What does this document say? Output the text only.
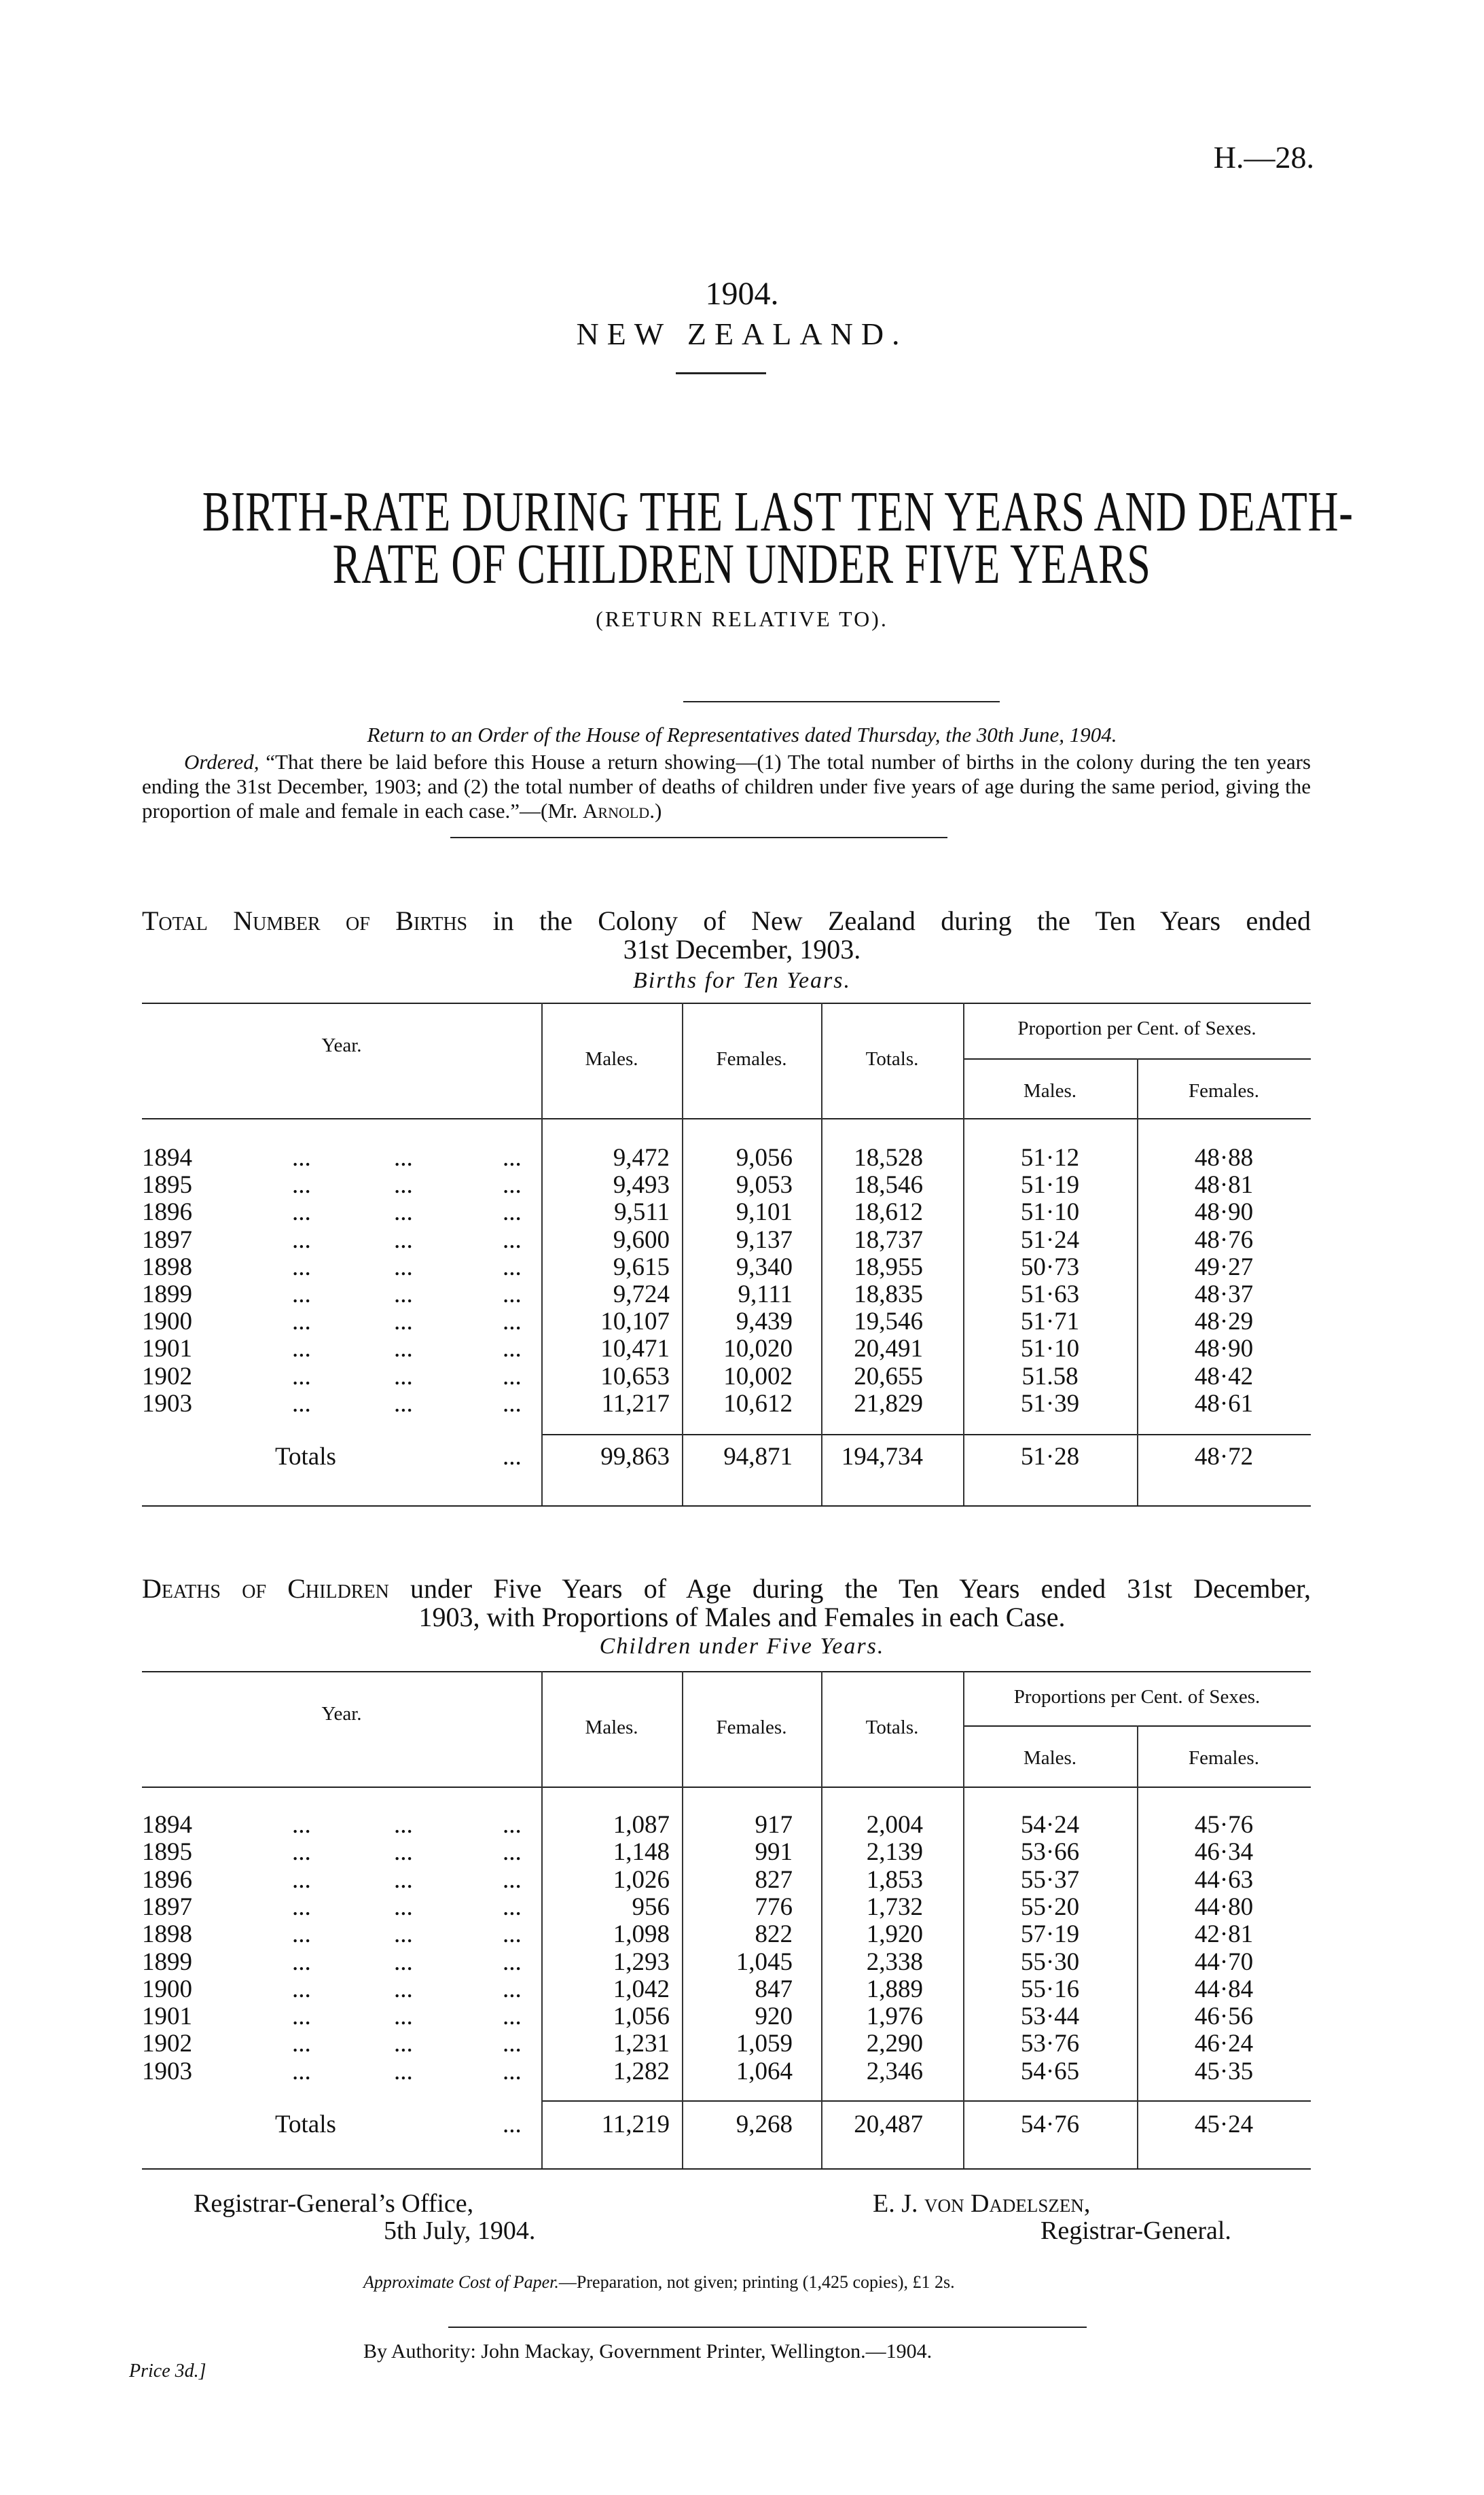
H.—28.
1904.
NEW ZEALAND.
BIRTH-RATE DURING THE LAST TEN YEARS AND DEATH-
RATE OF CHILDREN UNDER FIVE YEARS
(RETURN RELATIVE TO).
Return to an Order of the House of Representatives dated Thursday, the 30th June, 1904.
Ordered, “That there be laid before this House a return showing—(1) The total number of births in the colony during the ten years ending the 31st December, 1903; and (2) the total number of deaths of children under five years of age during the same period, giving the proportion of male and female in each case.”—(Mr. Arnold.)
Total Number of Births in the Colony of New Zealand during the Ten Years ended
31st December, 1903.
Births for Ten Years.
Year.
Males.	Females.	Totals.
Proportion per Cent. of Sexes.
Males.	Females.
1894	...	...	...	9,472	9,056	18,528	51·12	48·88
1895	...	...	...	9,493	9,053	18,546	51·19	48·81
1896	...	...	...	9,511	9,101	18,612	51·10	48·90
1897	...	...	...	9,600	9,137	18,737	51·24	48·76
1898	...	...	...	9,615	9,340	18,955	50·73	49·27
1899	...	...	...	9,724	9,111	18,835	51·63	48·37
1900	...	...	...	10,107	9,439	19,546	51·71	48·29
1901	...	...	...	10,471	10,020	20,491	51·10	48·90
1902	...	...	...	10,653	10,002	20,655	51.58	48·42
1903	...	...	...	11,217	10,612	21,829	51·39	48·61
Totals	...	99,863	94,871	194,734	51·28	48·72
Deaths of Children under Five Years of Age during the Ten Years ended 31st December,
1903, with Proportions of Males and Females in each Case.
Children under Five Years.
Year.
Males.	Females.	Totals.
Proportions per Cent. of Sexes.
Males.	Females.
1894	...	...	...	1,087	917	2,004	54·24	45·76
1895	...	...	...	1,148	991	2,139	53·66	46·34
1896	...	...	...	1,026	827	1,853	55·37	44·63
1897	...	...	...	956	776	1,732	55·20	44·80
1898	...	...	...	1,098	822	1,920	57·19	42·81
1899	...	...	...	1,293	1,045	2,338	55·30	44·70
1900	...	...	...	1,042	847	1,889	55·16	44·84
1901	...	...	...	1,056	920	1,976	53·44	46·56
1902	...	...	...	1,231	1,059	2,290	53·76	46·24
1903	...	...	...	1,282	1,064	2,346	54·65	45·35
Totals	...	11,219	9,268	20,487	54·76	45·24
Registrar-General’s Office,
5th July, 1904.
E. J. von Dadelszen,
Registrar-General.
Approximate Cost of Paper.—Preparation, not given; printing (1,425 copies), £1 2s.
By Authority: John Mackay, Government Printer, Wellington.—1904.
Price 3d.]
